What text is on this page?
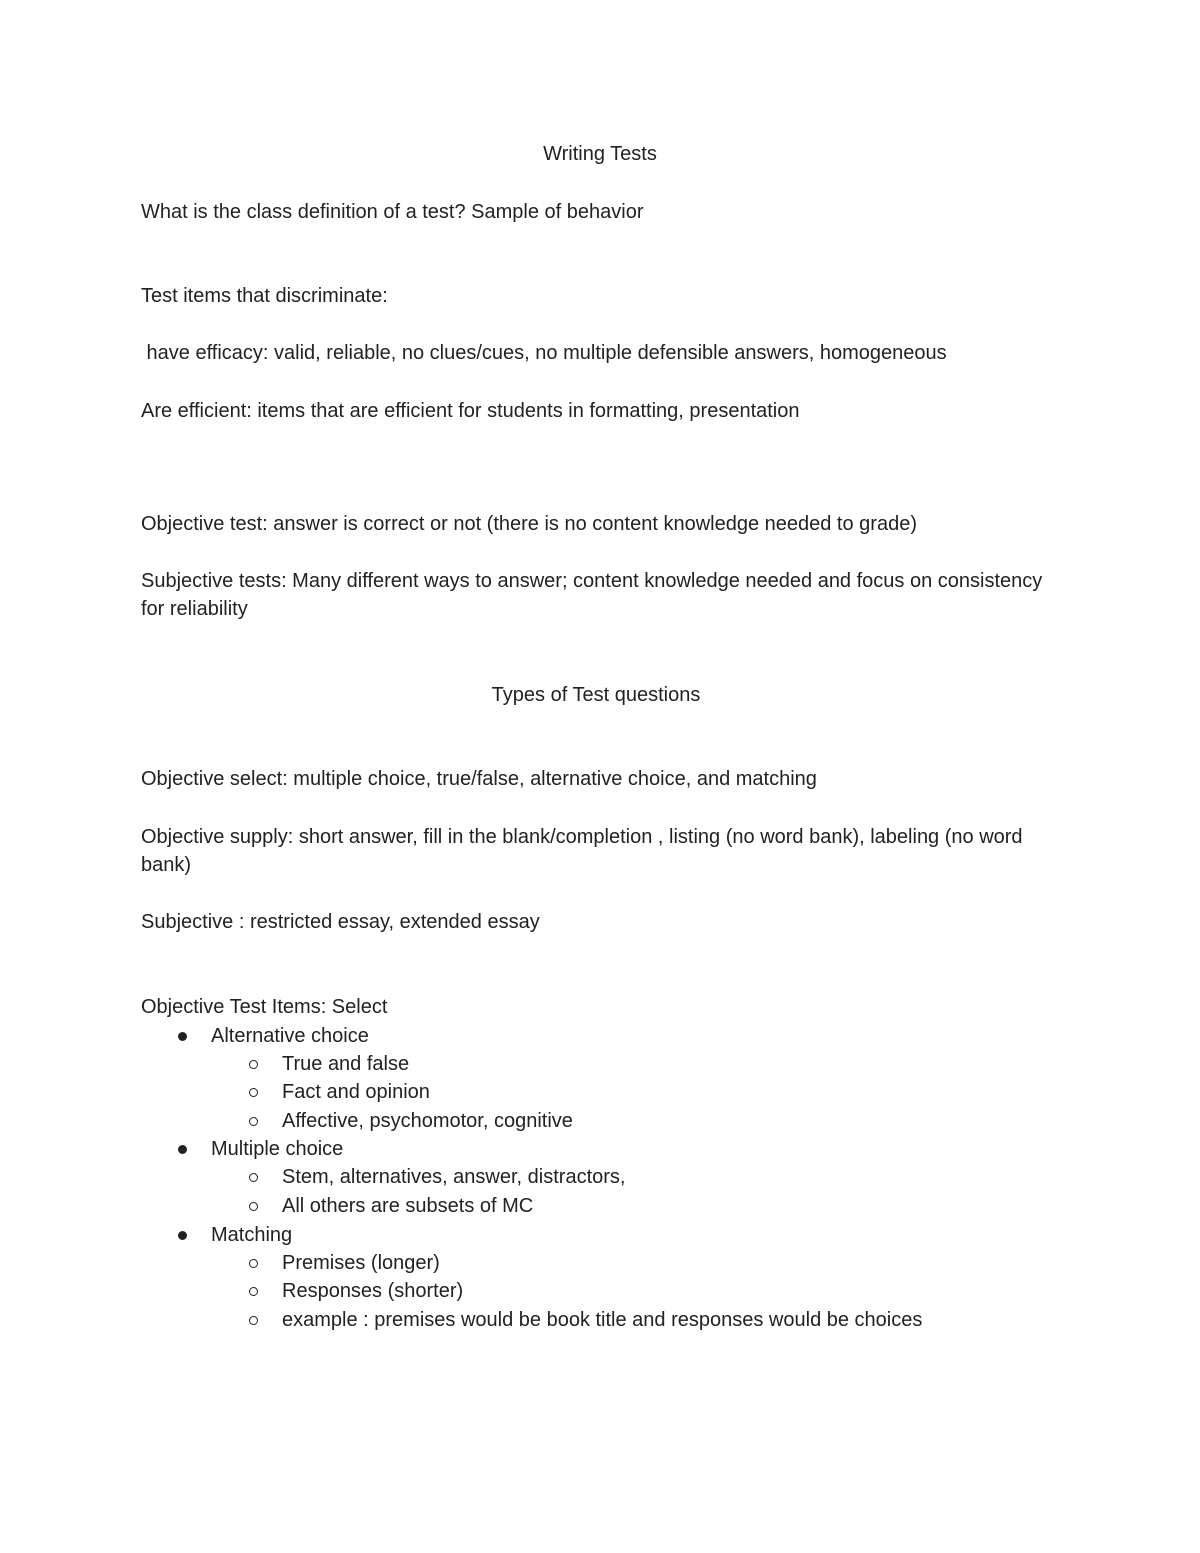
Writing Tests

What is the class definition of a test? Sample of behavior

Test items that discriminate:

have efficacy: valid, reliable, no clues/cues, no multiple defensible answers, homogeneous

Are efficient: items that are efficient for students in formatting, presentation

Objective test: answer is correct or not (there is no content knowledge needed to grade)

Subjective tests: Many different ways to answer; content knowledge needed and focus on consistency for reliability

Types of Test questions

Objective select: multiple choice, true/false, alternative choice, and matching

Objective supply: short answer, fill in the blank/completion , listing (no word bank), labeling (no word bank)

Subjective : restricted essay, extended essay

Objective Test Items: Select

Alternative choice
True and false
Fact and opinion
Affective, psychomotor, cognitive
Multiple choice
Stem, alternatives, answer, distractors,
All others are subsets of MC
Matching
Premises (longer)
Responses (shorter)
example : premises would be book title and responses would be choices
